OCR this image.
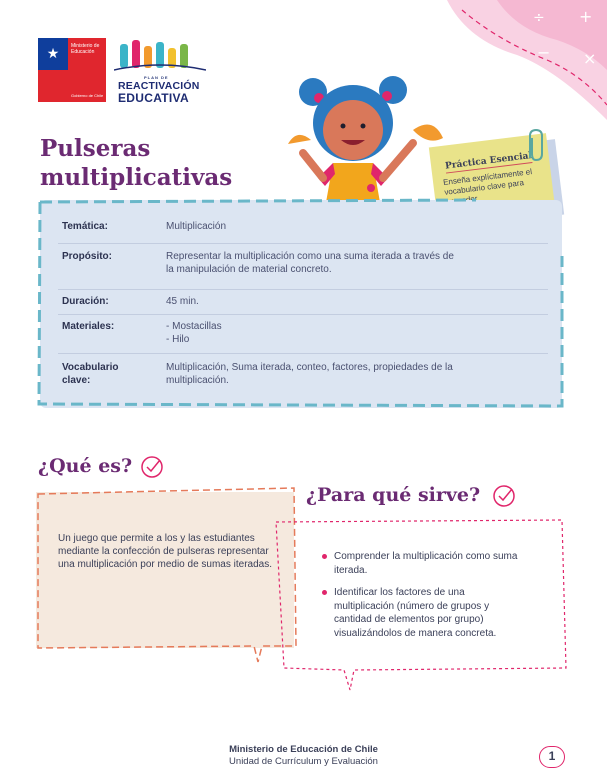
÷ +
− ×
★	Ministerio de
Educación
Gobierno de Chile
PLAN DE
REACTIVACIÓN
EDUCATIVA
Pulseras multiplicativas
Práctica Esencial
Enseña explícitamente el vocabulario clave para
Temática:	Multiplicación
Propósito:	Representar la multiplicación como una suma iterada a través de la manipulación de material concreto.
Duración:	45 min.
Materiales:	- Mostacillas
- Hilo
Vocabulario clave:
Multiplicación, Suma iterada, conteo, factores, propiedades de la multiplicación.
¿Qué es?
Un juego que permite a los y las estudiantes mediante la confección de pulseras representar una multiplicación por medio de sumas iteradas.
¿Para qué sirve?
Comprender la multiplicación como suma iterada.
Identificar los factores de una multiplicación (número de grupos y cantidad de elementos por grupo) visualizándolos de manera concreta.
Ministerio de Educación de Chile
Unidad de Currículum y Evaluación	1
